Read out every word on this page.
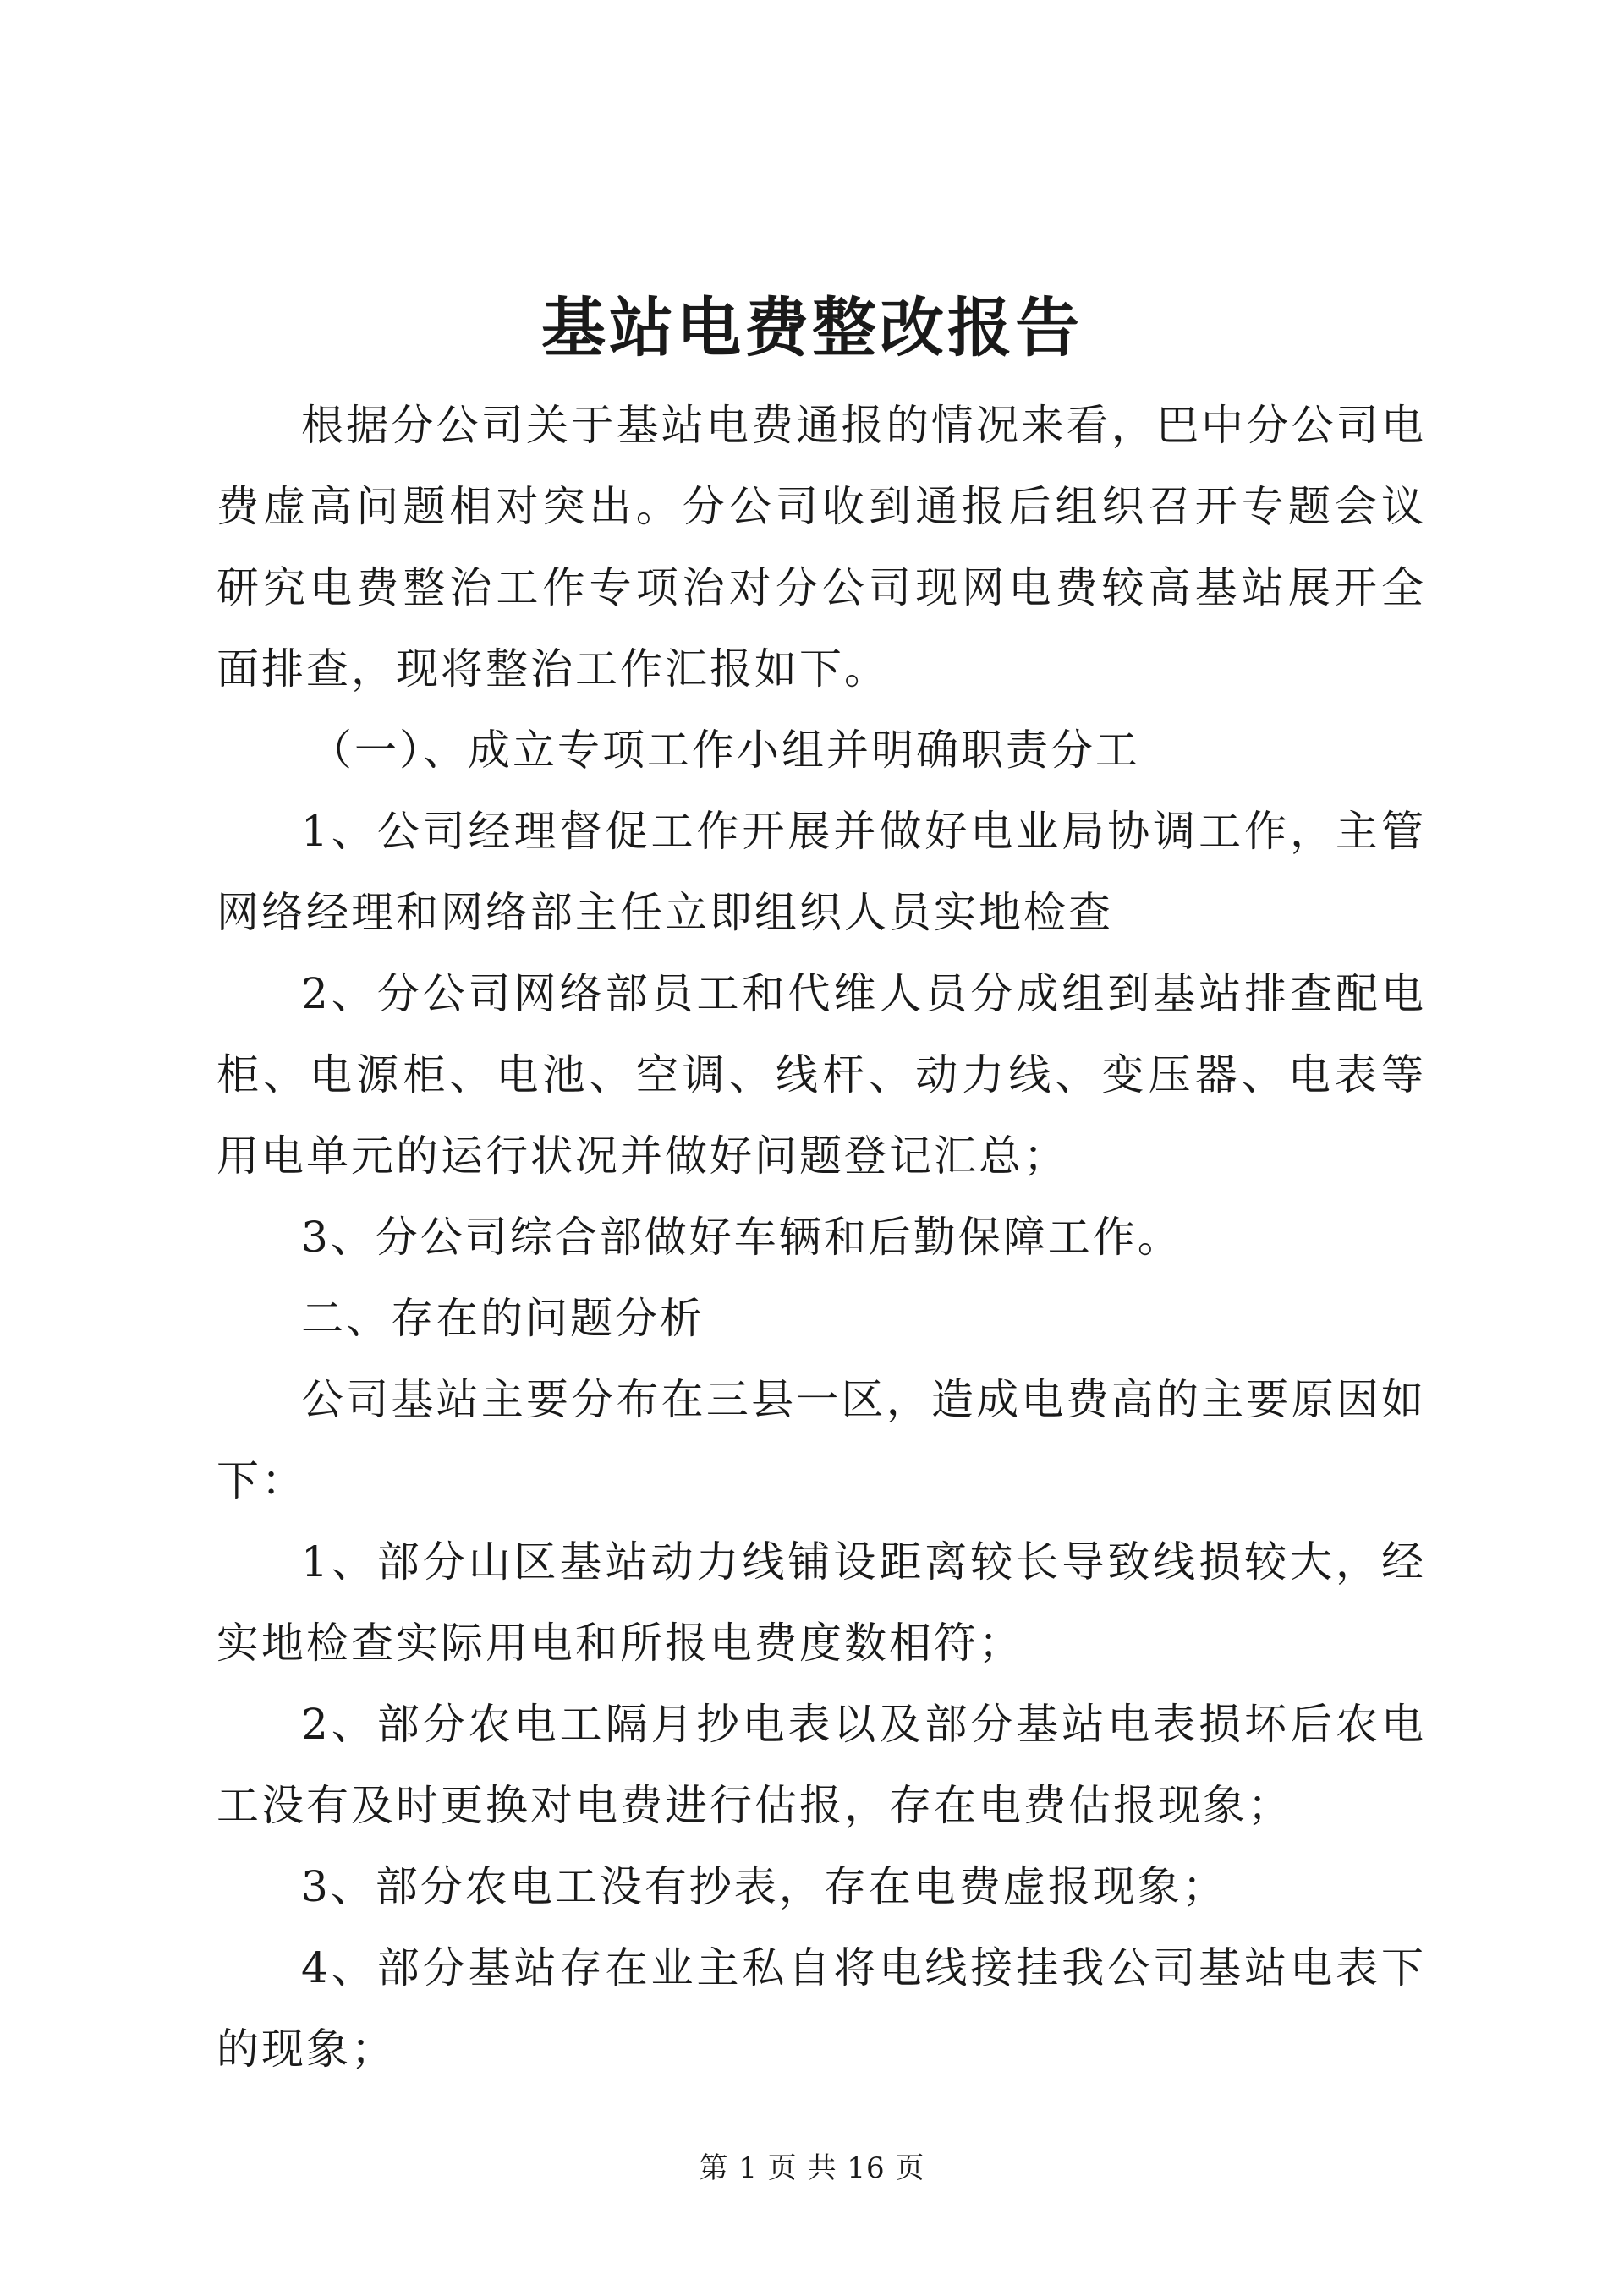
基站电费整改报告

根据分公司关于基站电费通报的情况来看，巴中分公司电费虚高问题相对突出。分公司收到通报后组织召开专题会议研究电费整治工作专项治对分公司现网电费较高基站展开全面排查，现将整治工作汇报如下。

（一）、成立专项工作小组并明确职责分工

1、公司经理督促工作开展并做好电业局协调工作，主管网络经理和网络部主任立即组织人员实地检查

2、分公司网络部员工和代维人员分成组到基站排查配电柜、电源柜、电池、空调、线杆、动力线、变压器、电表等用电单元的运行状况并做好问题登记汇总；

3、分公司综合部做好车辆和后勤保障工作。

二、存在的问题分析

公司基站主要分布在三县一区，造成电费高的主要原因如下：

1、部分山区基站动力线铺设距离较长导致线损较大，经实地检查实际用电和所报电费度数相符；

2、部分农电工隔月抄电表以及部分基站电表损坏后农电工没有及时更换对电费进行估报，存在电费估报现象；

3、部分农电工没有抄表，存在电费虚报现象；

4、部分基站存在业主私自将电线接挂我公司基站电表下的现象；

第 1 页 共 16 页
